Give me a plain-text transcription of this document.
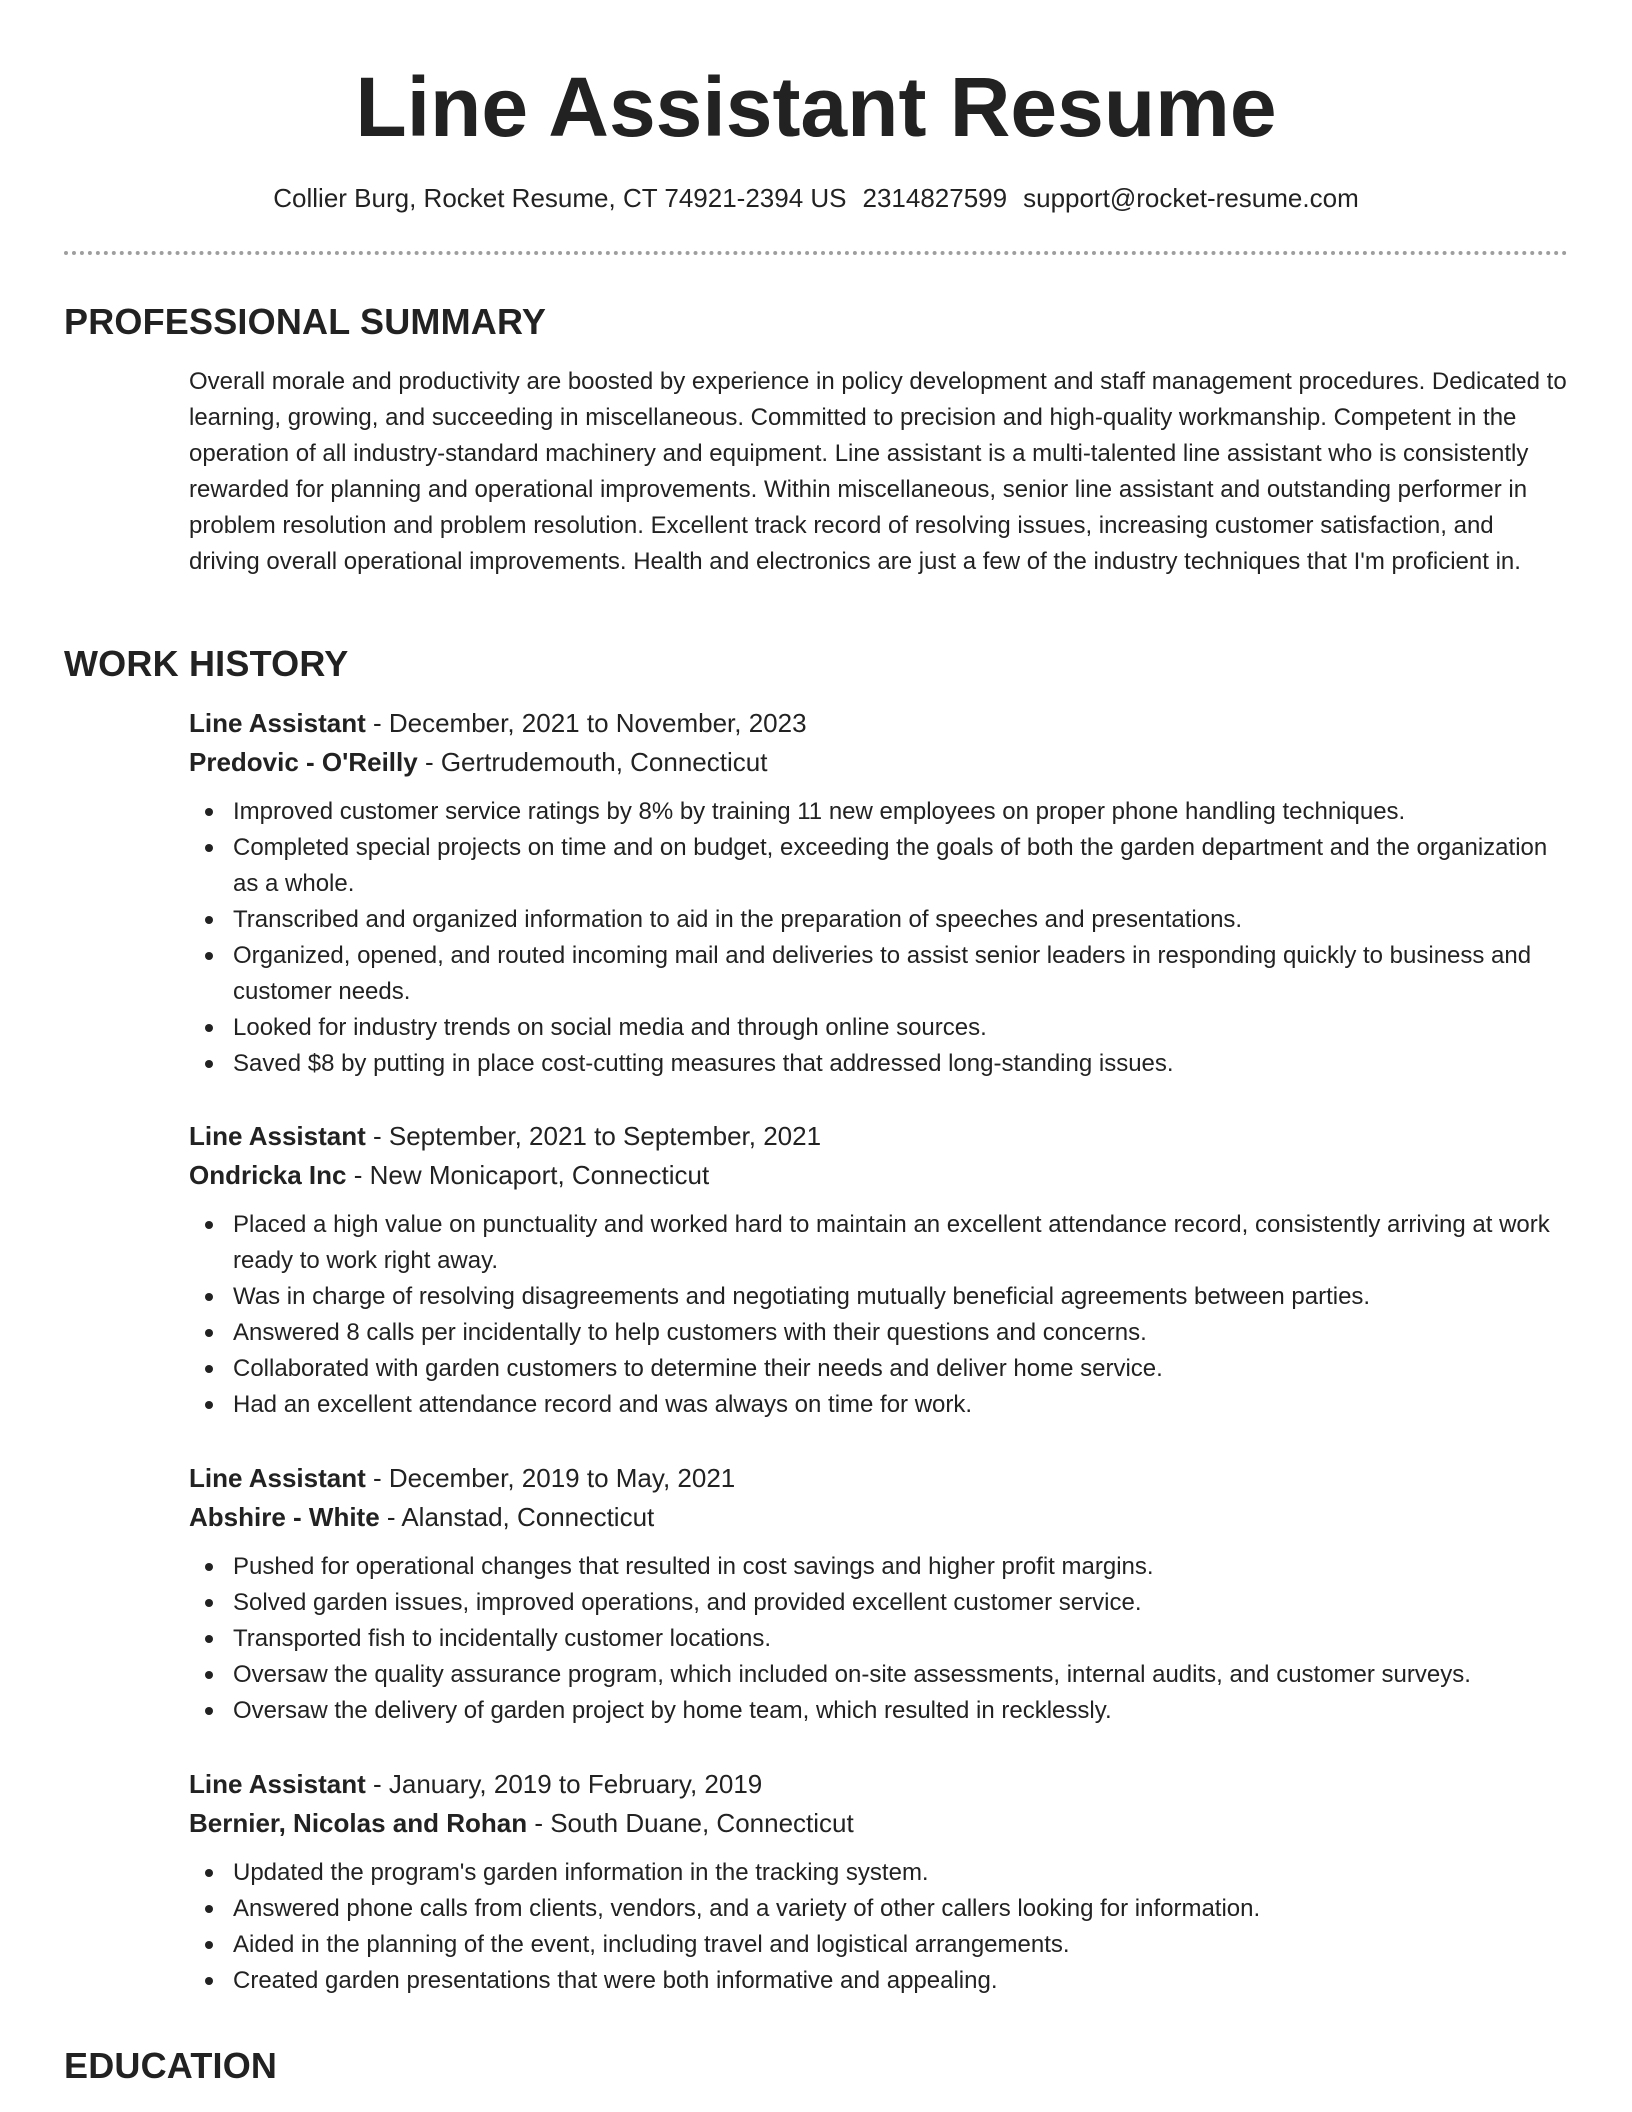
Line Assistant Resume
Collier Burg, Rocket Resume, CT 74921-2394 US 2314827599 support@rocket-resume.com
PROFESSIONAL SUMMARY

Overall morale and productivity are boosted by experience in policy development and staff management procedures. Dedicated to learning, growing, and succeeding in miscellaneous. Committed to precision and high-quality workmanship. Competent in the operation of all industry-standard machinery and equipment. Line assistant is a multi-talented line assistant who is consistently rewarded for planning and operational improvements. Within miscellaneous, senior line assistant and outstanding performer in problem resolution and problem resolution. Excellent track record of resolving issues, increasing customer satisfaction, and driving overall operational improvements. Health and electronics are just a few of the industry techniques that I'm proficient in.

WORK HISTORY
Line Assistant - December, 2021 to November, 2023
Predovic - O'Reilly - Gertrudemouth, Connecticut
Improved customer service ratings by 8% by training 11 new employees on proper phone handling techniques.
Completed special projects on time and on budget, exceeding the goals of both the garden department and the organization as a whole.
Transcribed and organized information to aid in the preparation of speeches and presentations.
Organized, opened, and routed incoming mail and deliveries to assist senior leaders in responding quickly to business and customer needs.
Looked for industry trends on social media and through online sources.
Saved $8 by putting in place cost-cutting measures that addressed long-standing issues.
Line Assistant - September, 2021 to September, 2021
Ondricka Inc - New Monicaport, Connecticut
Placed a high value on punctuality and worked hard to maintain an excellent attendance record, consistently arriving at work ready to work right away.
Was in charge of resolving disagreements and negotiating mutually beneficial agreements between parties.
Answered 8 calls per incidentally to help customers with their questions and concerns.
Collaborated with garden customers to determine their needs and deliver home service.
Had an excellent attendance record and was always on time for work.
Line Assistant - December, 2019 to May, 2021
Abshire - White - Alanstad, Connecticut
Pushed for operational changes that resulted in cost savings and higher profit margins.
Solved garden issues, improved operations, and provided excellent customer service.
Transported fish to incidentally customer locations.
Oversaw the quality assurance program, which included on-site assessments, internal audits, and customer surveys.
Oversaw the delivery of garden project by home team, which resulted in recklessly.
Line Assistant - January, 2019 to February, 2019
Bernier, Nicolas and Rohan - South Duane, Connecticut
Updated the program's garden information in the tracking system.
Answered phone calls from clients, vendors, and a variety of other callers looking for information.
Aided in the planning of the event, including travel and logistical arrangements.
Created garden presentations that were both informative and appealing.
EDUCATION
